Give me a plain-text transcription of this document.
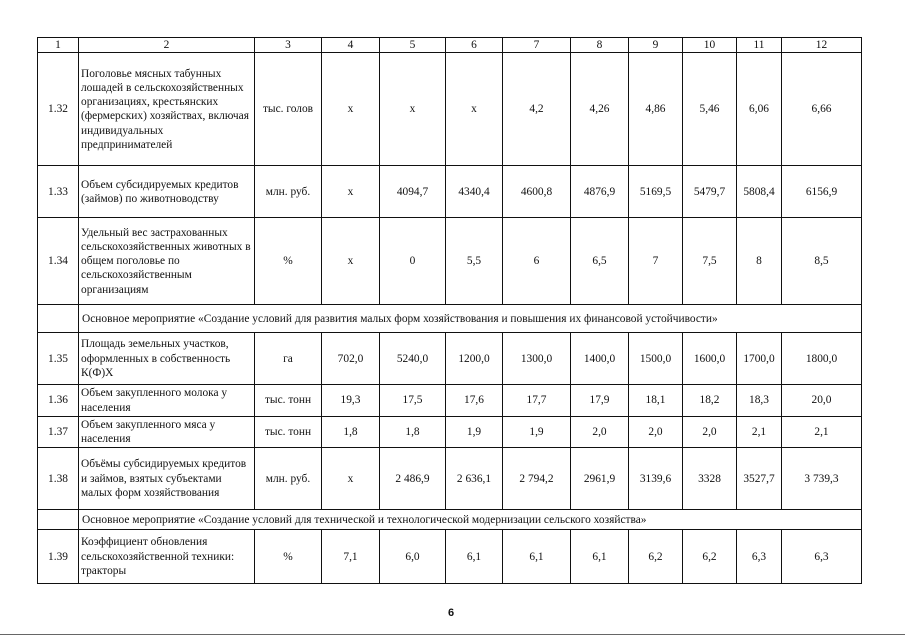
1	2	3	4	5	6	7	8	9	10	11	12
1.32	Поголовье мясных табунных лошадей в сельскохозяйственных организациях, крестьянских (фермерских) хозяйствах, включая индивидуальных предпринимателей	тыс. голов	x	x	x	4,2	4,26	4,86	5,46	6,06	6,66
1.33	Объем субсидируемых кредитов (займов) по животноводству	млн. руб.	x	4094,7	4340,4	4600,8	4876,9	5169,5	5479,7	5808,4	6156,9
1.34	Удельный вес застрахованных сельскохозяйственных животных в общем поголовье по сельскохозяйственным организациям	%	x	0	5,5	6	6,5	7	7,5	8	8,5
	Основное мероприятие «Создание условий для развития малых форм хозяйствования и повышения их финансовой устойчивости»										
1.35	Площадь земельных участков, оформленных в собственность К(Ф)Х	га	702,0	5240,0	1200,0	1300,0	1400,0	1500,0	1600,0	1700,0	1800,0
1.36	Объем закупленного молока у населения	тыс. тонн	19,3	17,5	17,6	17,7	17,9	18,1	18,2	18,3	20,0
1.37	Объем закупленного мяса у населения	тыс. тонн	1,8	1,8	1,9	1,9	2,0	2,0	2,0	2,1	2,1
1.38	Объёмы субсидируемых кредитов и займов, взятых субъектами малых форм хозяйствования	млн. руб.	x	2 486,9	2 636,1	2 794,2	2961,9	3139,6	3328	3527,7	3 739,3
	Основное мероприятие «Создание условий для технической и технологической модернизации сельского хозяйства»										
1.39	Коэффициент обновления сельскохозяйственной техники: тракторы	%	7,1	6,0	6,1	6,1	6,1	6,2	6,2	6,3	6,3
6
